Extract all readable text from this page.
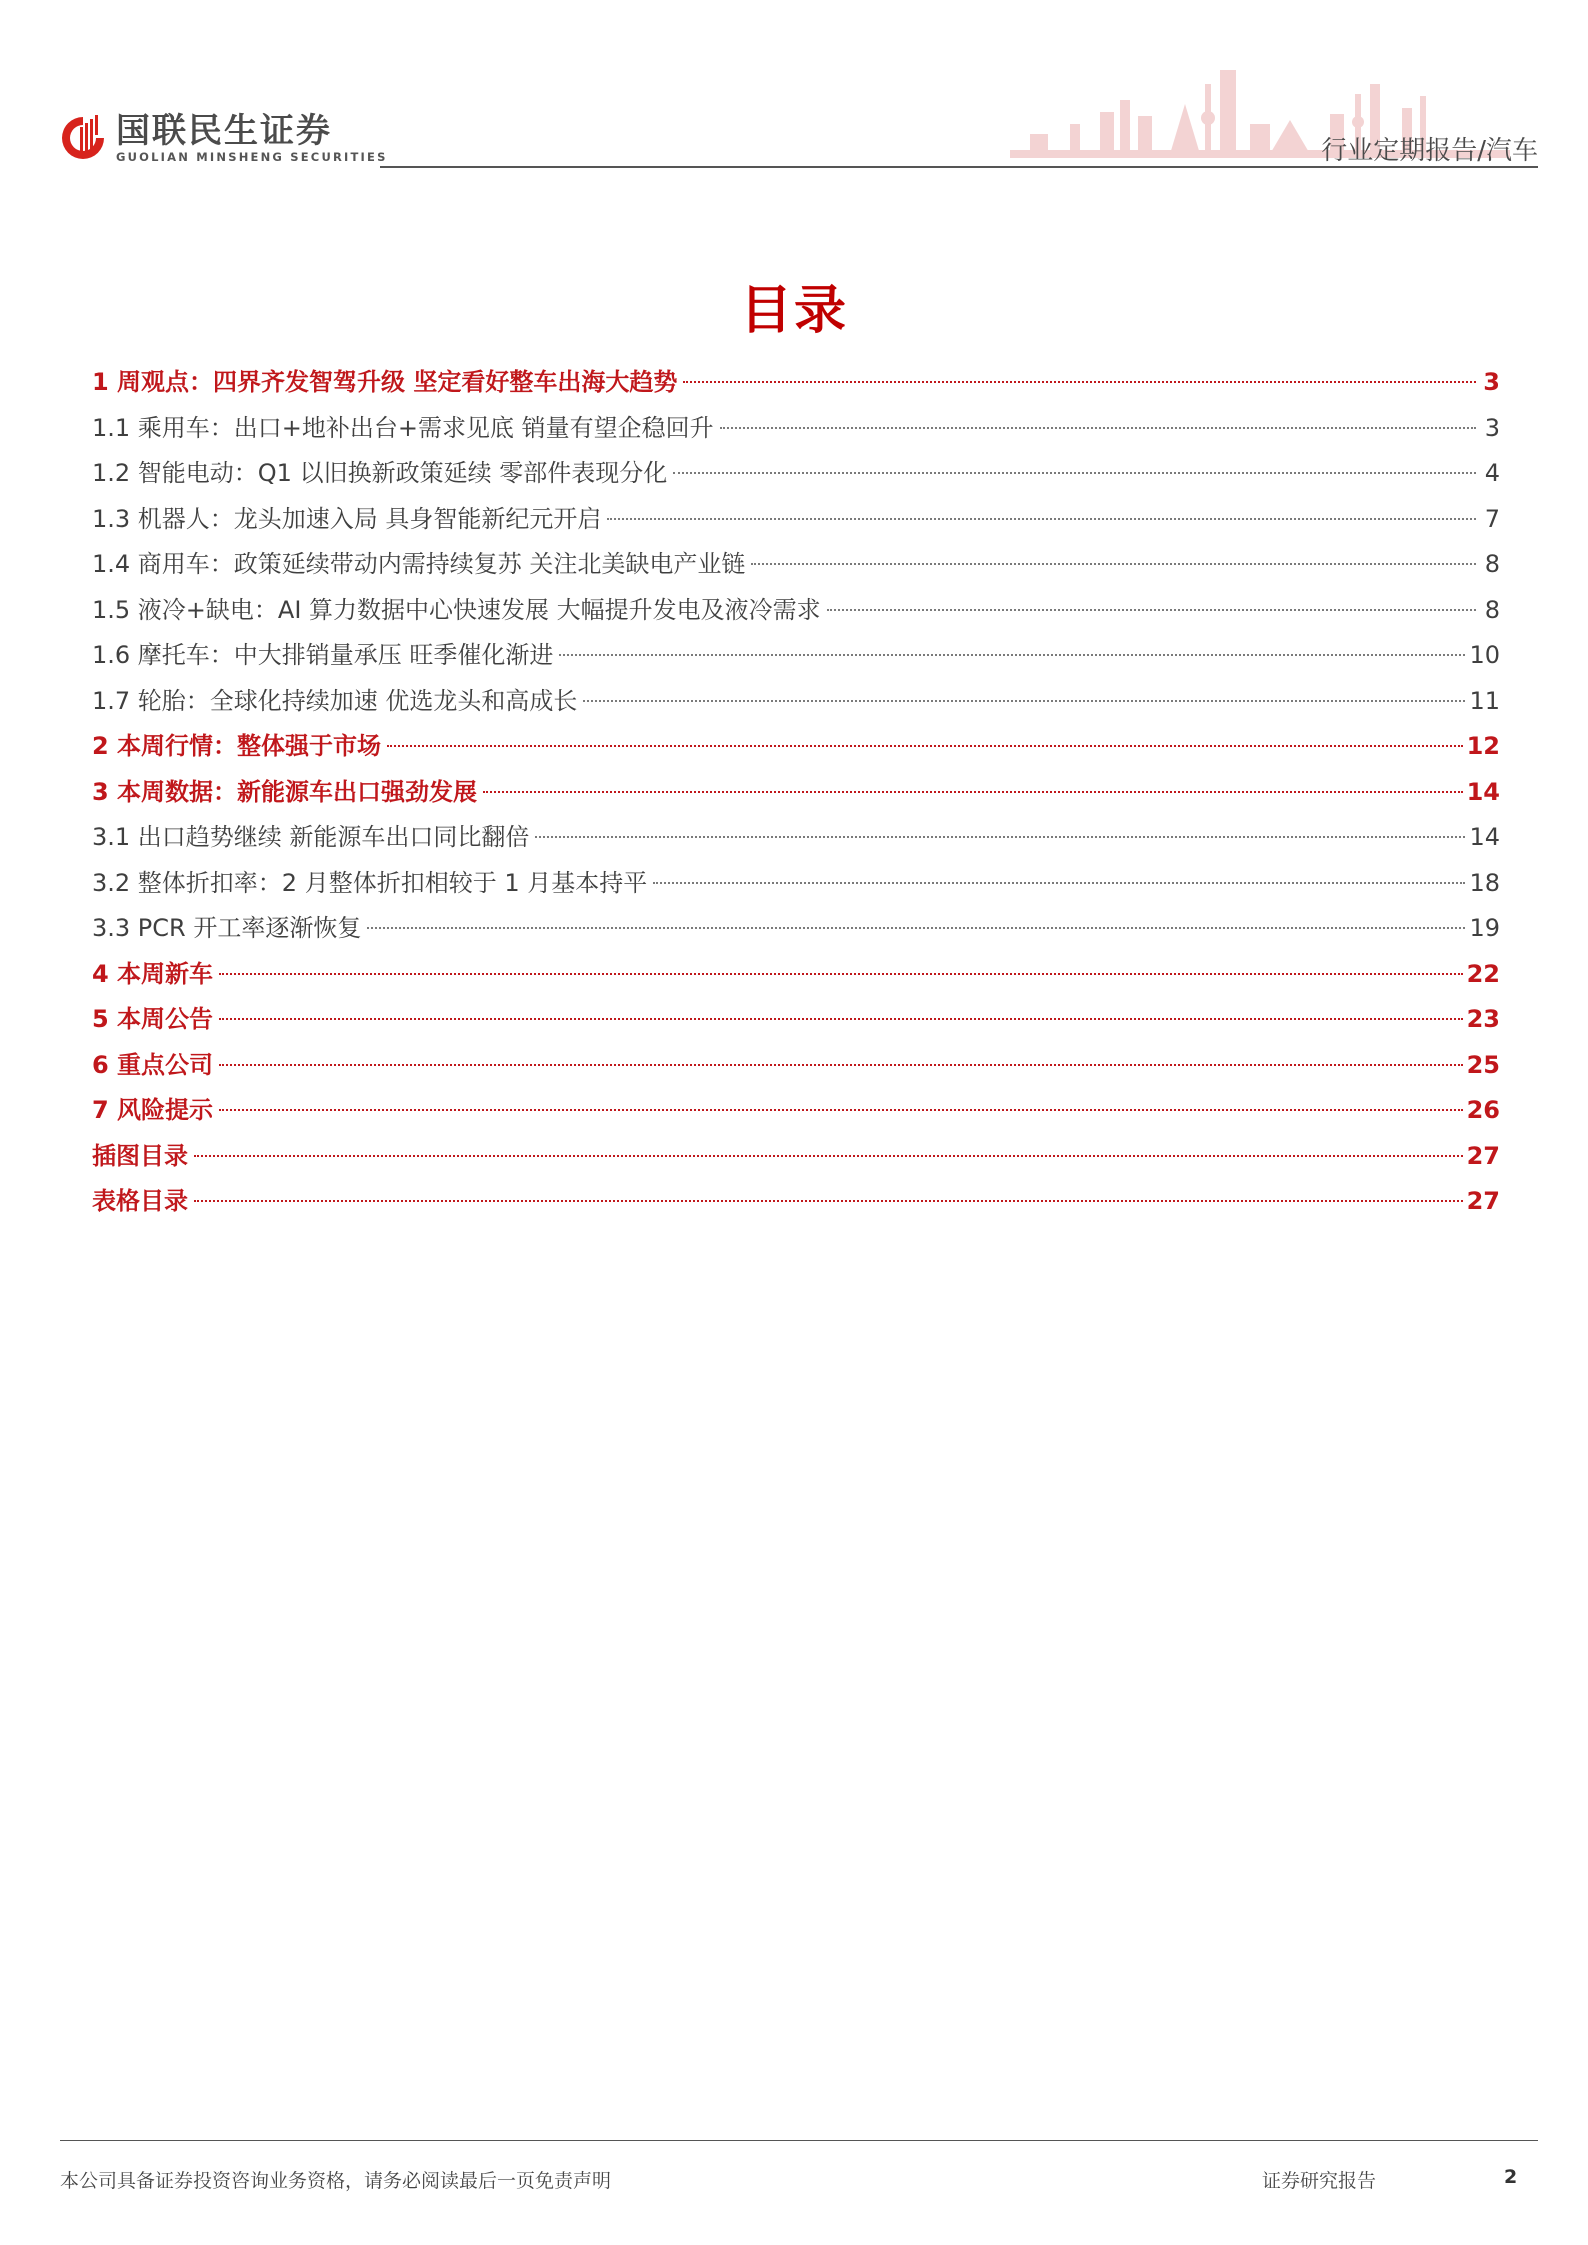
国联民生证券
GUOLIAN MINSHENG SECURITIES	行业定期报告/汽车
目录
1 周观点：四界齐发智驾升级 坚定看好整车出海大趋势	3
1.1 乘用车：出口+地补出台+需求见底 销量有望企稳回升	3
1.2 智能电动：Q1 以旧换新政策延续 零部件表现分化	4
1.3 机器人：龙头加速入局 具身智能新纪元开启	7
1.4 商用车：政策延续带动内需持续复苏 关注北美缺电产业链	8
1.5 液冷+缺电：AI 算力数据中心快速发展 大幅提升发电及液冷需求	8
1.6 摩托车：中大排销量承压 旺季催化渐进	10
1.7 轮胎：全球化持续加速 优选龙头和高成长	11
2 本周行情：整体强于市场	12
3 本周数据：新能源车出口强劲发展	14
3.1 出口趋势继续 新能源车出口同比翻倍	14
3.2 整体折扣率：2 月整体折扣相较于 1 月基本持平	18
3.3 PCR 开工率逐渐恢复	19
4 本周新车	22
5 本周公告	23
6 重点公司	25
7 风险提示	26
插图目录	27
表格目录	27
本公司具备证券投资咨询业务资格，请务必阅读最后一页免责声明	证券研究报告	2
